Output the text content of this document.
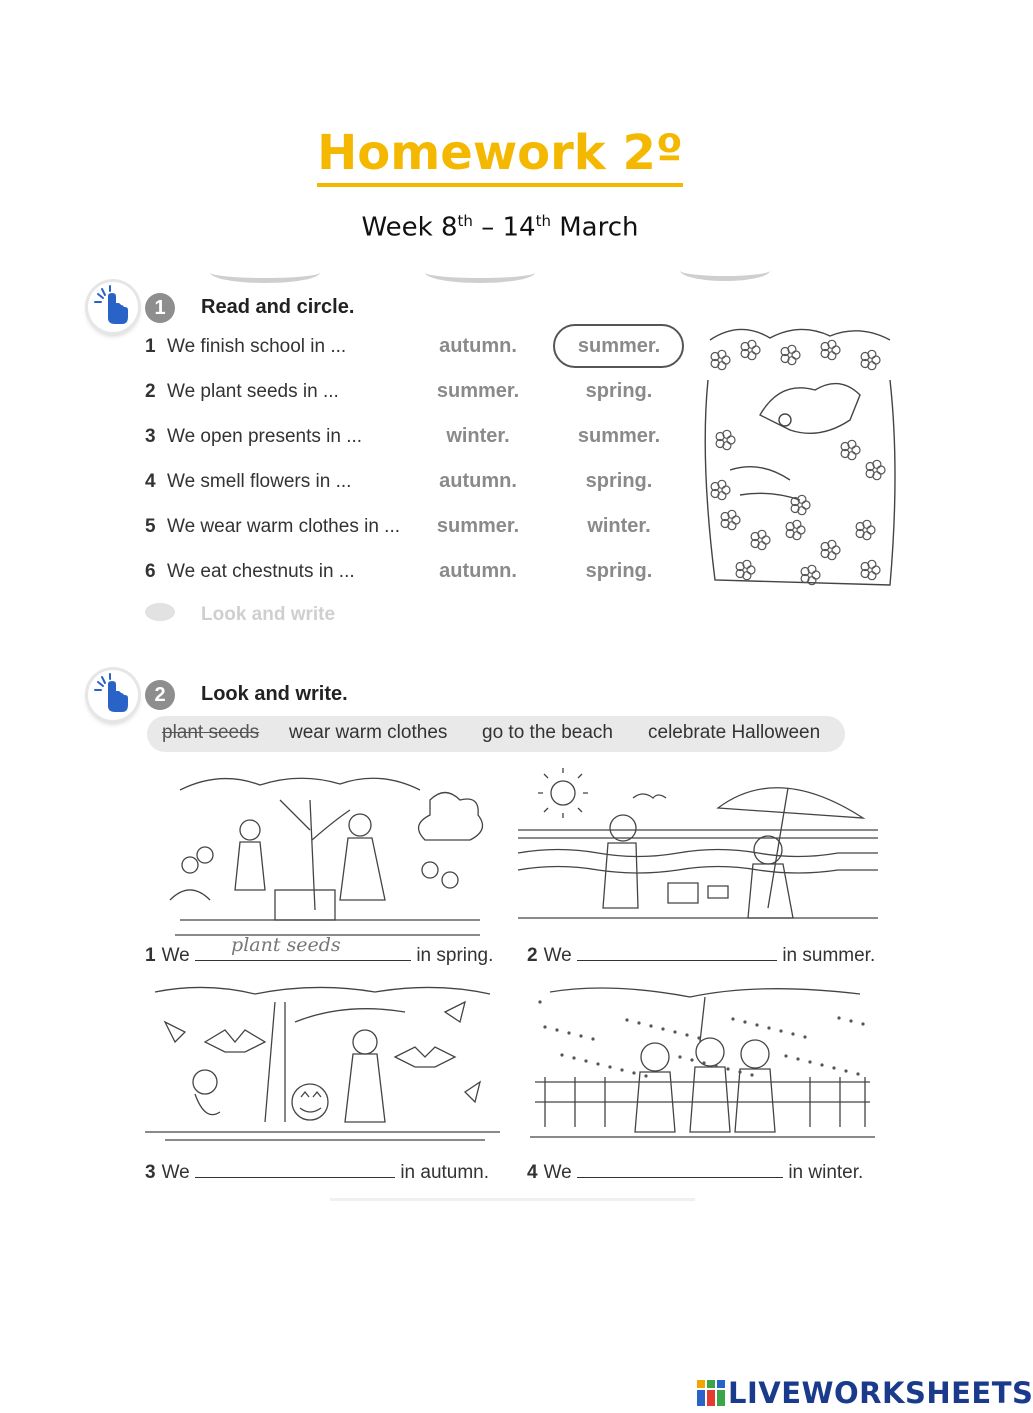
Homework 2º
Week 8th – 14th March
1	Read and circle.
1 We finish school in ...	autumn.	summer.
2 We plant seeds in ...	summer.	spring.
3 We open presents in ...	winter.	summer.
4 We smell flowers in ...	autumn.	spring.
5 We wear warm clothes in ...	summer.	winter.
6 We eat chestnuts in ...	autumn.	spring.
Look and write
2	Look and write.
plant seeds wear warm clothes go to the beach celebrate Halloween
1 We plant seeds	in spring. 2 We	in summer.
3 We	in autumn. 4 We	in winter.
LIVEWORKSHEETS
